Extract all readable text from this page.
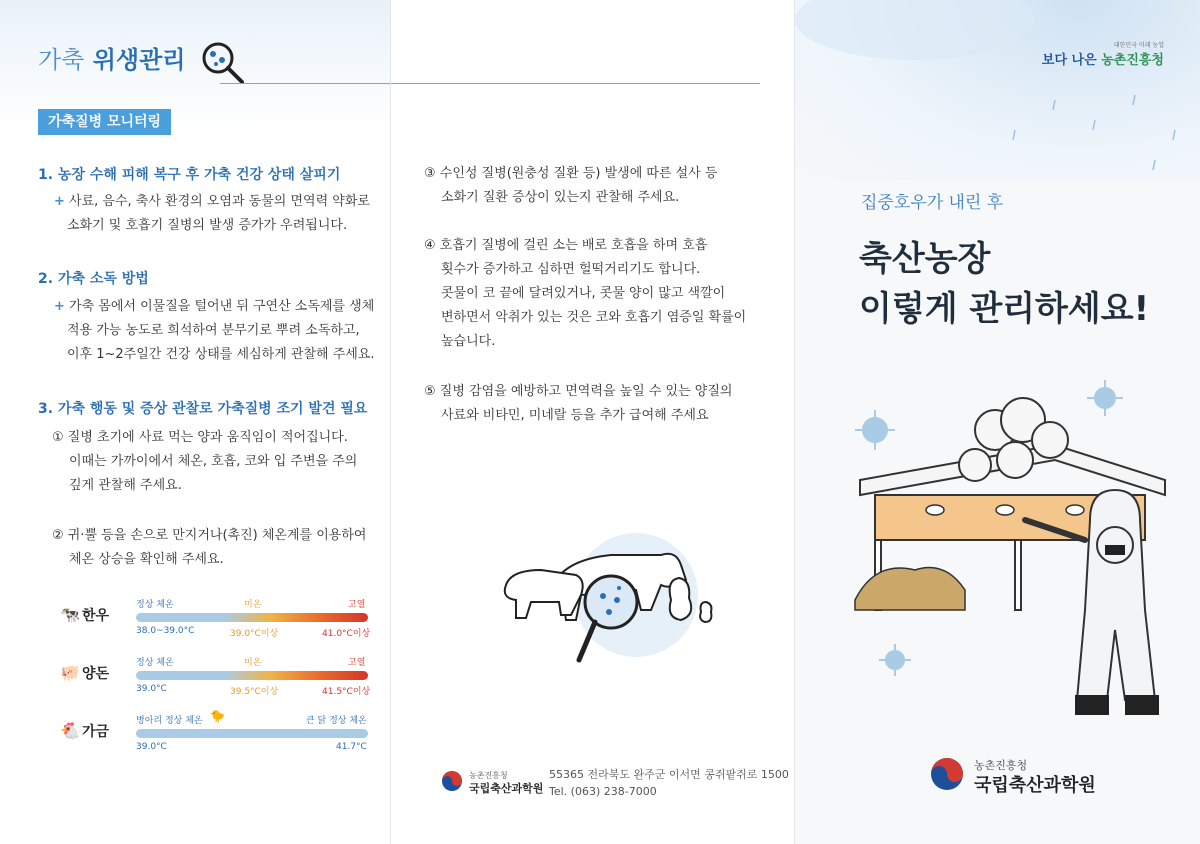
가축 위생관리
가축질병 모니터링
1. 농장 수해 피해 복구 후 가축 건강 상태 살피기
+ 사료, 음수, 축사 환경의 오염과 동물의 면역력 약화로
소화기 및 호흡기 질병의 발생 증가가 우려됩니다.
2. 가축 소독 방법
+ 가축 몸에서 이물질을 털어낸 뒤 구연산 소독제를 생체
적용 가능 농도로 희석하여 분무기로 뿌려 소독하고,
이후 1~2주일간 건강 상태를 세심하게 관찰해 주세요.
3. 가축 행동 및 증상 관찰로 가축질병 조기 발견 필요
① 질병 초기에 사료 먹는 양과 움직임이 적어집니다.
이때는 가까이에서 체온, 호흡, 코와 입 주변을 주의
깊게 관찰해 주세요.
② 귀·뿔 등을 손으로 만지거나(촉진) 체온계를 이용하여
체온 상승을 확인해 주세요.
🐄 한우
정상 체온	미온	고열
38.0~39.0°C	39.0°C이상	41.0°C이상
🐖 양돈
정상 체온	미온	고열
39.0°C	39.5°C이상	41.5°C이상
🐔 가금
병아리 정상 체온 🐤	큰 닭 정상 체온
39.0°C	41.7°C
③ 수인성 질병(원충성 질환 등) 발생에 따른 설사 등
소화기 질환 증상이 있는지 관찰해 주세요.
④ 호흡기 질병에 걸린 소는 배로 호흡을 하며 호흡
횟수가 증가하고 심하면 헐떡거리기도 합니다.
콧물이 코 끝에 달려있거나, 콧물 양이 많고 색깔이
변하면서 악취가 있는 것은 코와 호흡기 염증일 확률이
높습니다.
⑤ 질병 감염을 예방하고 면역력을 높일 수 있는 양질의
사료와 비타민, 미네랄 등을 추가 급여해 주세요
농촌진흥청
국립축산과학원
55365 전라북도 완주군 이서면 콩쥐팥쥐로 1500
Tel. (063) 238-7000
대한민국 미래 농업
보다 나은 농촌진흥청
집중호우가 내린 후
축산농장
이렇게 관리하세요!
농촌진흥청
국립축산과학원
